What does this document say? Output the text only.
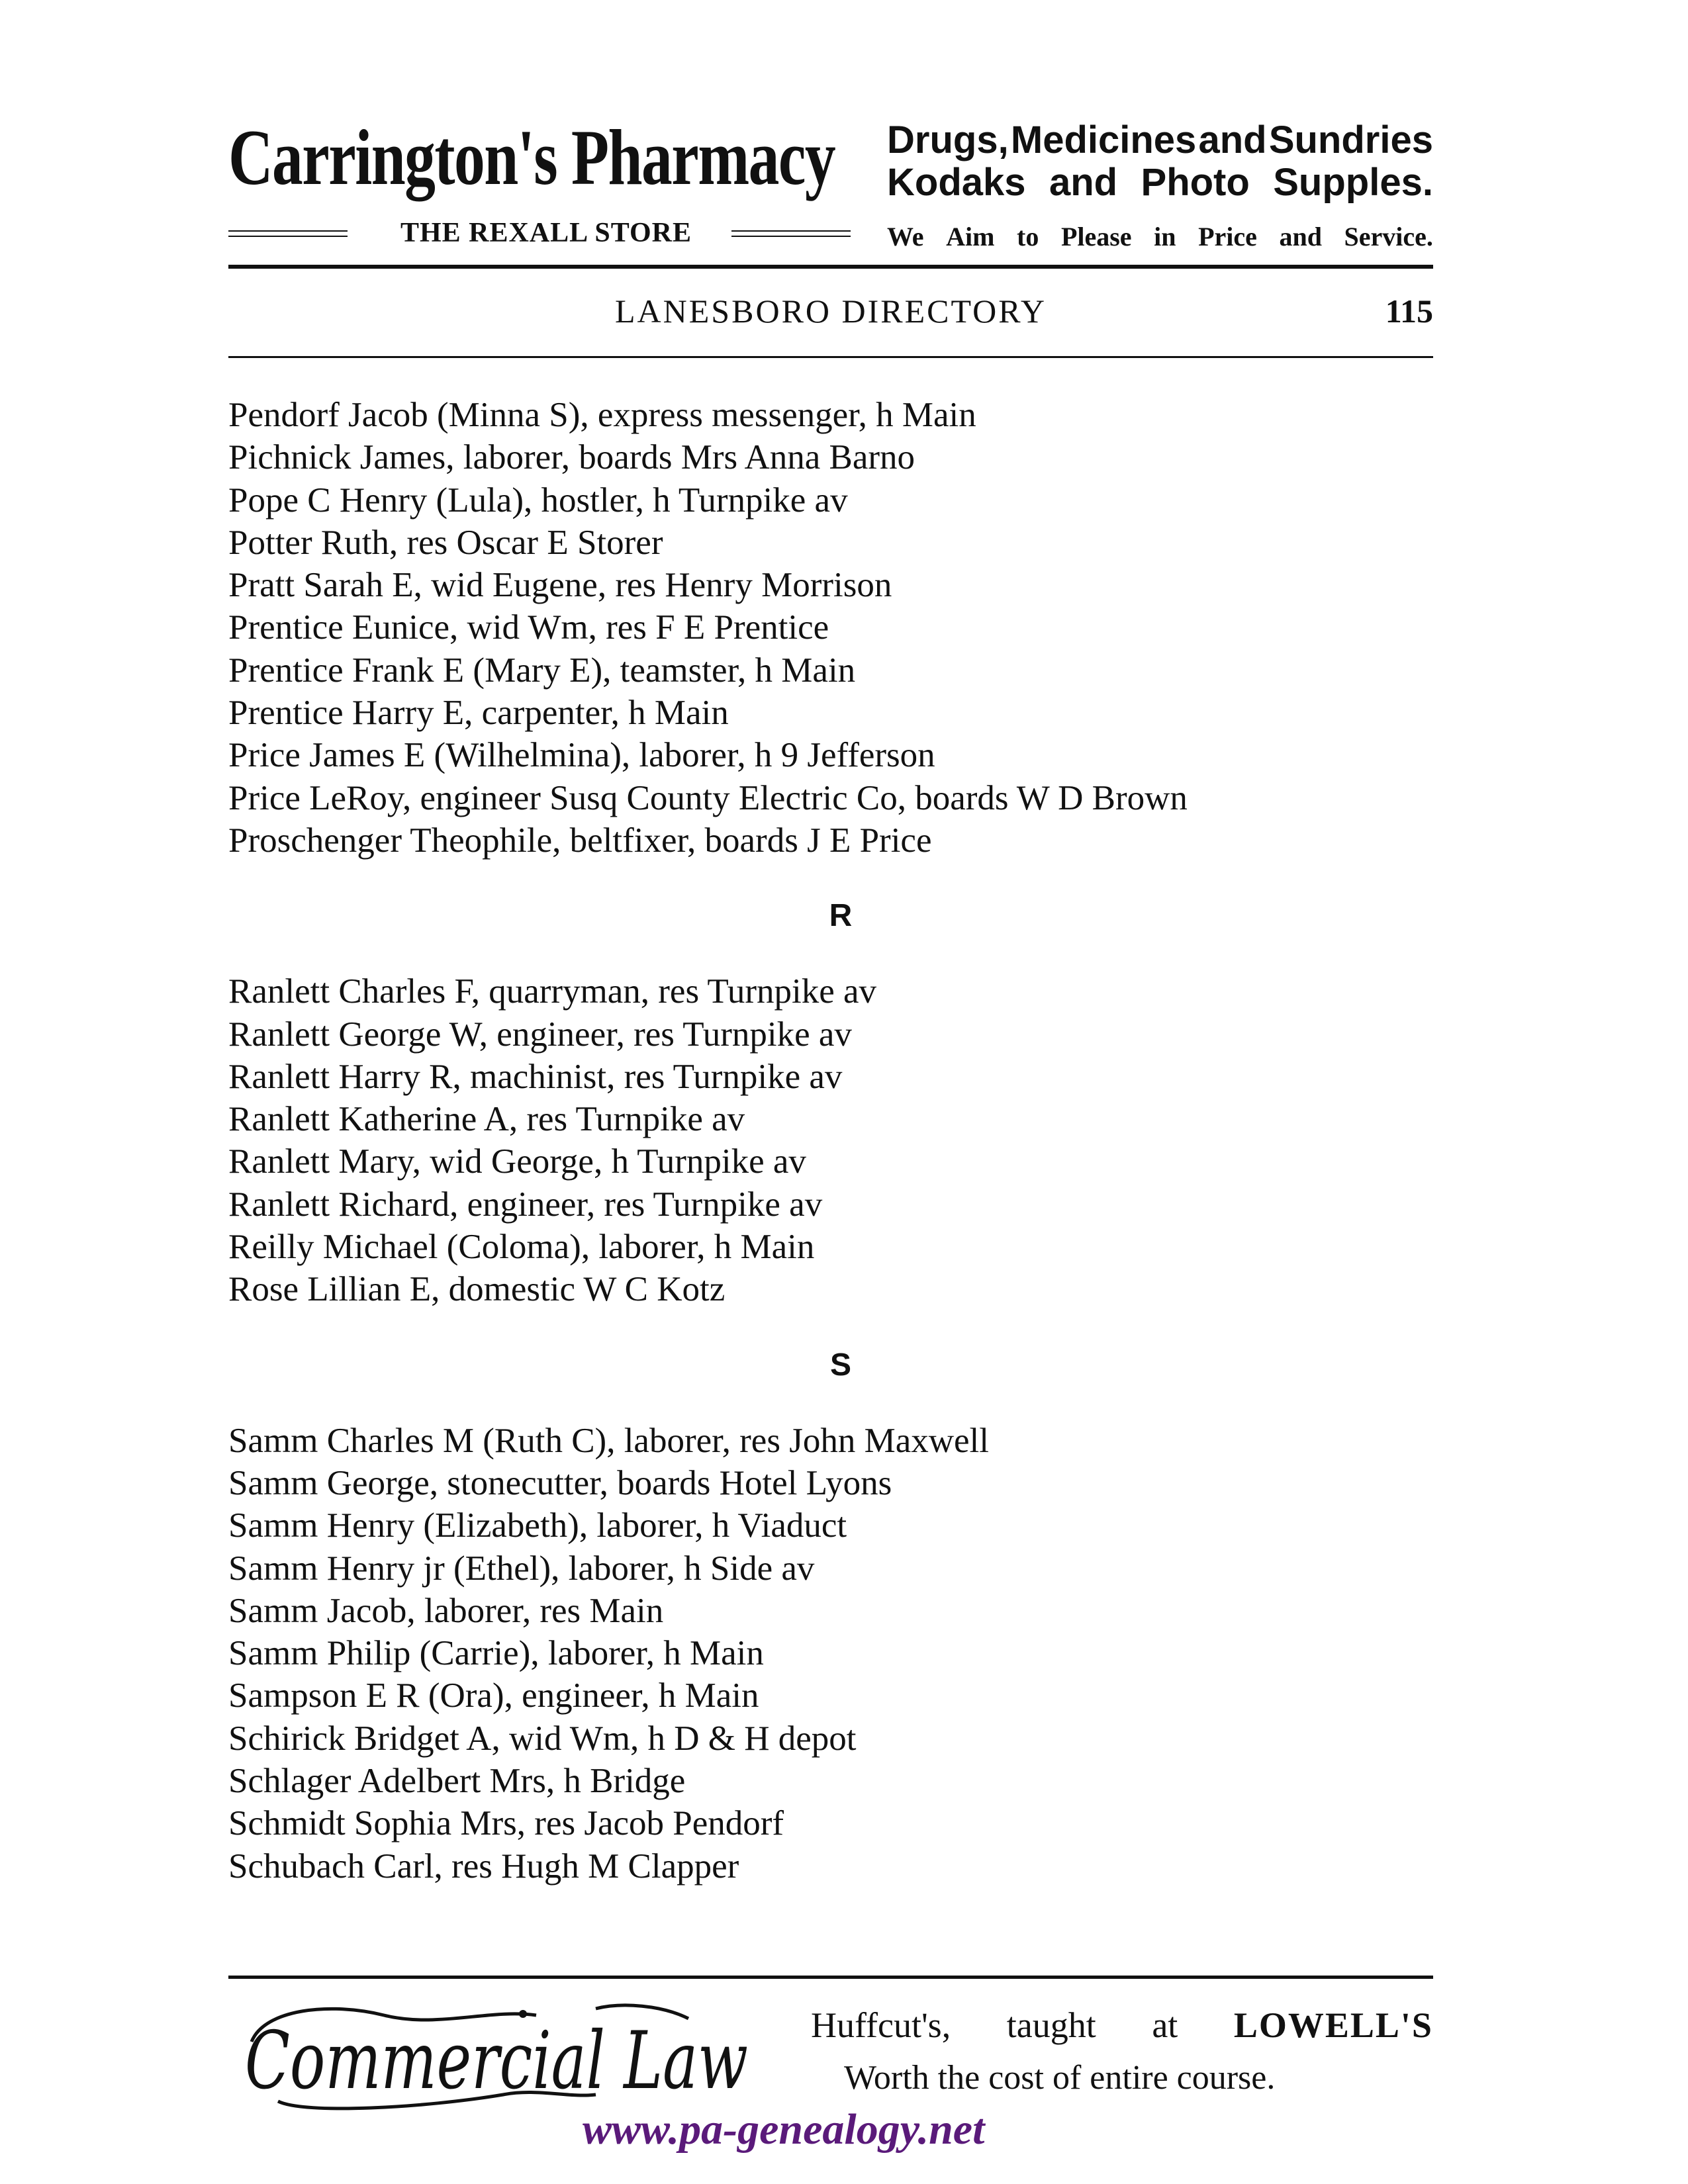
Carrington's Pharmacy
THE REXALL STORE
Drugs, Medicines and Sundries
Kodaks and Photo Supples.
We Aim to Please in Price and Service.
LANESBORO DIRECTORY	115
Pendorf Jacob (Minna S), express messenger, h Main
Pichnick James, laborer, boards Mrs Anna Barno
Pope C Henry (Lula), hostler, h Turnpike av
Potter Ruth, res Oscar E Storer
Pratt Sarah E, wid Eugene, res Henry Morrison
Prentice Eunice, wid Wm, res F E Prentice
Prentice Frank E (Mary E), teamster, h Main
Prentice Harry E, carpenter, h Main
Price James E (Wilhelmina), laborer, h 9 Jefferson
Price LeRoy, engineer Susq County Electric Co, boards W D Brown
Proschenger Theophile, beltfixer, boards J E Price
R
Ranlett Charles F, quarryman, res Turnpike av
Ranlett George W, engineer, res Turnpike av
Ranlett Harry R, machinist, res Turnpike av
Ranlett Katherine A, res Turnpike av
Ranlett Mary, wid George, h Turnpike av
Ranlett Richard, engineer, res Turnpike av
Reilly Michael (Coloma), laborer, h Main
Rose Lillian E, domestic W C Kotz
S
Samm Charles M (Ruth C), laborer, res John Maxwell
Samm George, stonecutter, boards Hotel Lyons
Samm Henry (Elizabeth), laborer, h Viaduct
Samm Henry jr (Ethel), laborer, h Side av
Samm Jacob, laborer, res Main
Samm Philip (Carrie), laborer, h Main
Sampson E R (Ora), engineer, h Main
Schirick Bridget A, wid Wm, h D & H depot
Schlager Adelbert Mrs, h Bridge
Schmidt Sophia Mrs, res Jacob Pendorf
Schubach Carl, res Hugh M Clapper
Commercial Law Huffcut's, taught at LOWELL'S
Worth the cost of entire course.
www.pa-genealogy.net
